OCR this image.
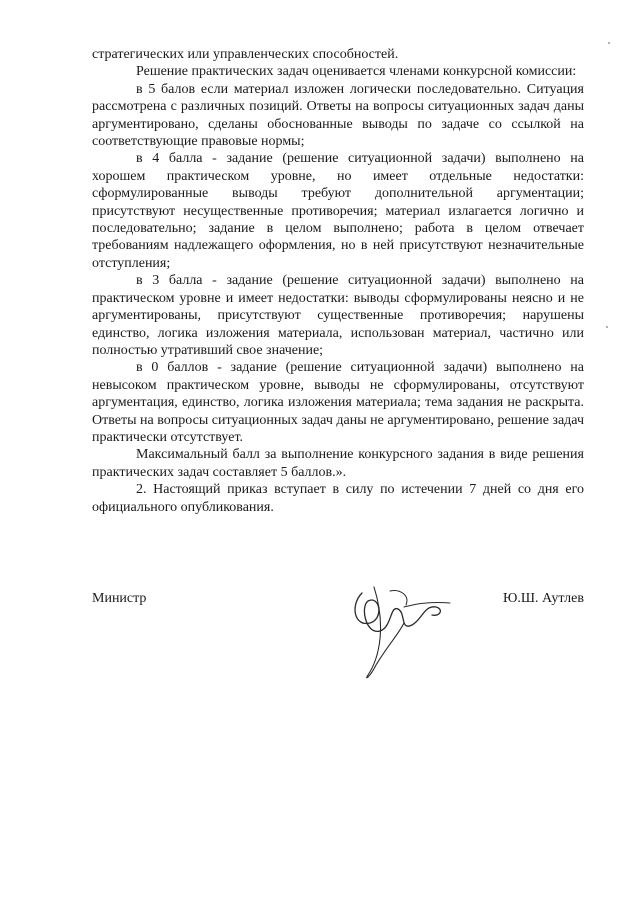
стратегических или управленческих способностей.

Решение практических задач оценивается членами конкурсной комиссии:

в 5 балов если материал изложен логически последовательно. Ситуация рассмотрена с различных позиций. Ответы на вопросы ситуационных задач даны аргументировано, сделаны обоснованные выводы по задаче со ссылкой на соответствующие правовые нормы;

в 4 балла - задание (решение ситуационной задачи) выполнено на хорошем практическом уровне, но имеет отдельные недостатки: сформулированные выводы требуют дополнительной аргументации; присутствуют несущественные противоречия; материал излагается логично и последовательно; задание в целом выполнено; работа в целом отвечает требованиям надлежащего оформления, но в ней присутствуют незначительные отступления;

в 3 балла - задание (решение ситуационной задачи) выполнено на практическом уровне и имеет недостатки: выводы сформулированы неясно и не аргументированы, присутствуют существенные противоречия; нарушены единство, логика изложения материала, использован материал, частично или полностью утративший свое значение;

в 0 баллов - задание (решение ситуационной задачи) выполнено на невысоком практическом уровне, выводы не сформулированы, отсутствуют аргументация, единство, логика изложения материала; тема задания не раскрыта. Ответы на вопросы ситуационных задач даны не аргументировано, решение задач практически отсутствует.

Максимальный балл за выполнение конкурсного задания в виде решения практических задач составляет 5 баллов.».

2. Настоящий приказ вступает в силу по истечении 7 дней со дня его официального опубликования.

Министр	Ю.Ш. Аутлев
